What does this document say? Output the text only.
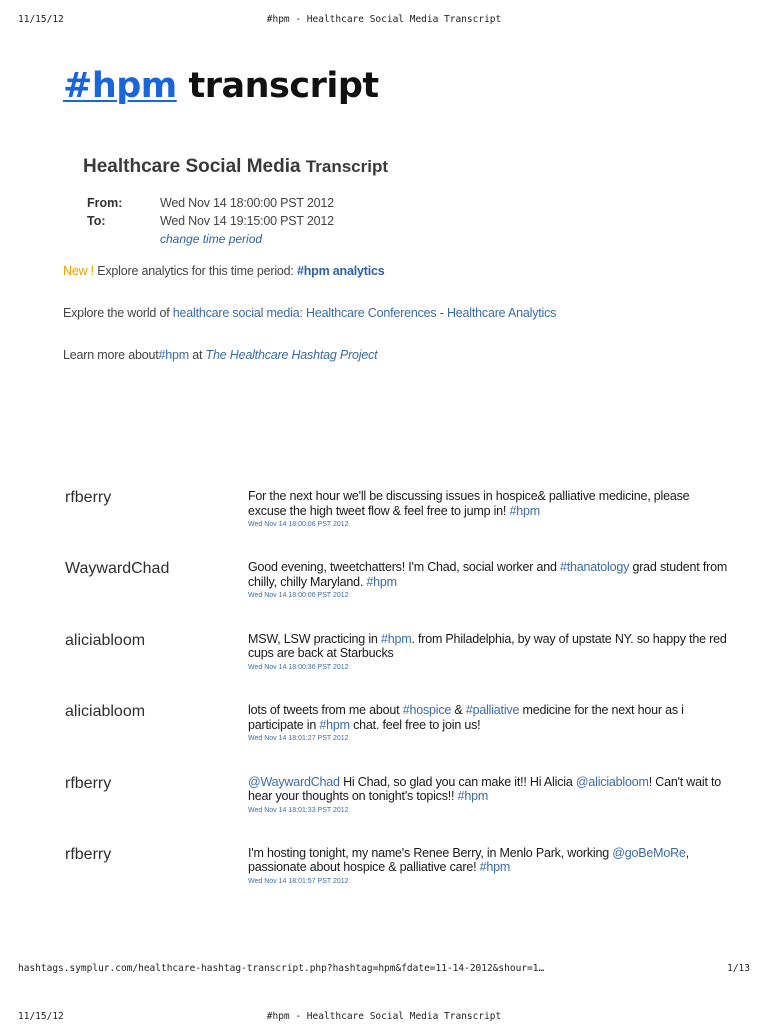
11/15/12	#hpm - Healthcare Social Media Transcript
#hpm transcript
Healthcare Social Media Transcript
From:	Wed Nov 14 18:00:00 PST 2012
To:	Wed Nov 14 19:15:00 PST 2012
change time period
New ! Explore analytics for this time period: #hpm analytics
Explore the world of healthcare social media: Healthcare Conferences - Healthcare Analytics
Learn more about#hpm at The Healthcare Hashtag Project
rfberry	For the next hour we'll be discussing issues in hospice& palliative medicine, please excuse the high tweet flow & feel free to jump in! #hpm
Wed Nov 14 18:00:06 PST 2012
WaywardChad	Good evening, tweetchatters! I'm Chad, social worker and #thanatology grad student from chilly, chilly Maryland. #hpm
Wed Nov 14 18:00:06 PST 2012
aliciabloom	MSW, LSW practicing in #hpm. from Philadelphia, by way of upstate NY. so happy the red cups are back at Starbucks
Wed Nov 14 18:00:36 PST 2012
aliciabloom	lots of tweets from me about #hospice & #palliative medicine for the next hour as i participate in #hpm chat. feel free to join us!
Wed Nov 14 18:01:27 PST 2012
rfberry	@WaywardChad Hi Chad, so glad you can make it!! Hi Alicia @aliciabloom! Can't wait to hear your thoughts on tonight's topics!! #hpm
Wed Nov 14 18:01:33 PST 2012
rfberry	I'm hosting tonight, my name's Renee Berry, in Menlo Park, working @goBeMoRe, passionate about hospice & palliative care! #hpm
Wed Nov 14 18:01:57 PST 2012
hashtags.symplur.com/healthcare-hashtag-transcript.php?hashtag=hpm&fdate=11-14-2012&shour=1…	1/13
11/15/12	#hpm - Healthcare Social Media Transcript
